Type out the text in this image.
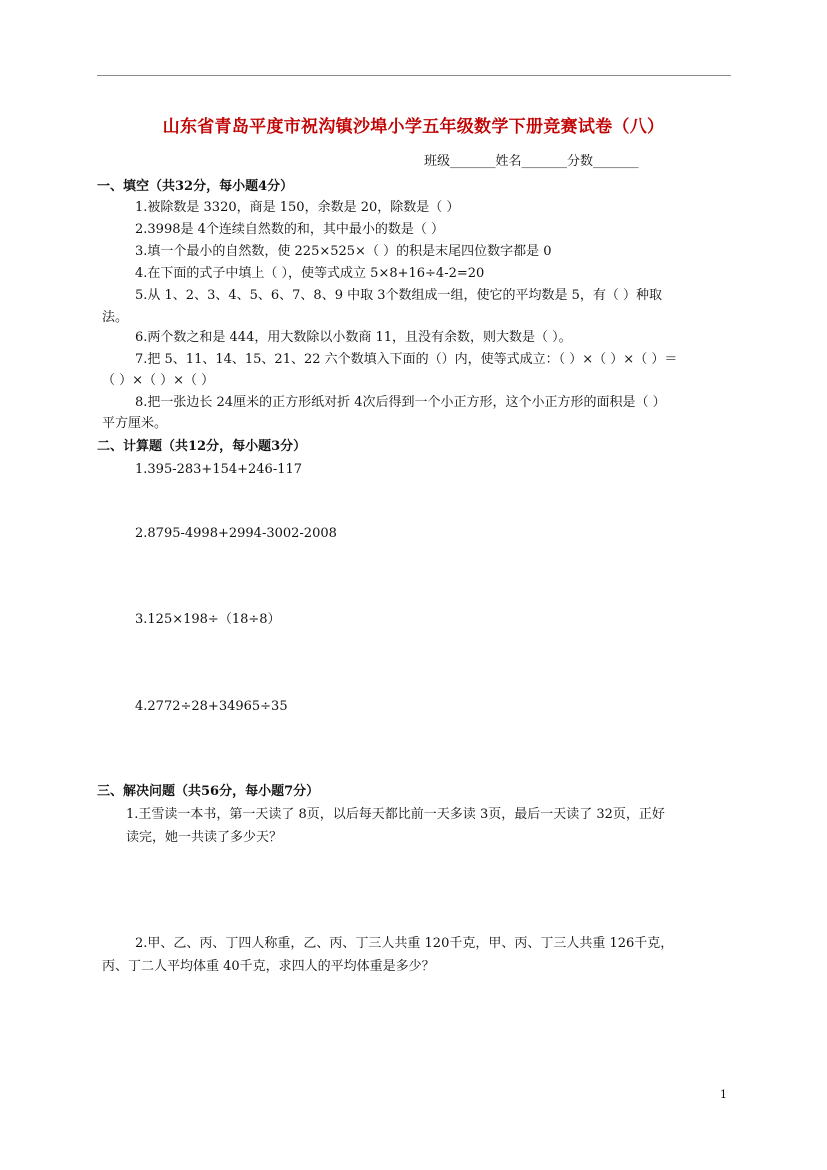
山东省青岛平度市祝沟镇沙埠小学五年级数学下册竞赛试卷（八）
班级_______姓名_______分数_______
一、填空（共32分，每小题4分）
1.被除数是 3320，商是 150，余数是 20，除数是（ ）
2.3998是 4个连续自然数的和，其中最小的数是（ ）
3.填一个最小的自然数，使 225×525×（ ）的积是末尾四位数字都是 0
4.在下面的式子中填上（ ），使等式成立 5×8+16÷4-2=20
5.从 1、2、3、4、5、6、7、8、9 中取 3个数组成一组，使它的平均数是 5，有（ ）种取
法。
6.两个数之和是 444，用大数除以小数商 11，且没有余数，则大数是（ ）。
7.把 5、11、14、15、21、22 六个数填入下面的（）内，使等式成立：（ ）×（ ）×（ ）＝
（ ）×（ ）×（ ）
8.把一张边长 24厘米的正方形纸对折 4次后得到一个小正方形，这个小正方形的面积是（ ）
平方厘米。
二、计算题（共12分，每小题3分）
1.395-283+154+246-117
2.8795-4998+2994-3002-2008
3.125×198÷（18÷8）
4.2772÷28+34965÷35
三、解决问题（共56分，每小题7分）
1.王雪读一本书，第一天读了 8页，以后每天都比前一天多读 3页，最后一天读了 32页，正好
读完，她一共读了多少天？
2.甲、乙、丙、丁四人称重，乙、丙、丁三人共重 120千克，甲、丙、丁三人共重 126千克，
丙、丁二人平均体重 40千克，求四人的平均体重是多少？
1
